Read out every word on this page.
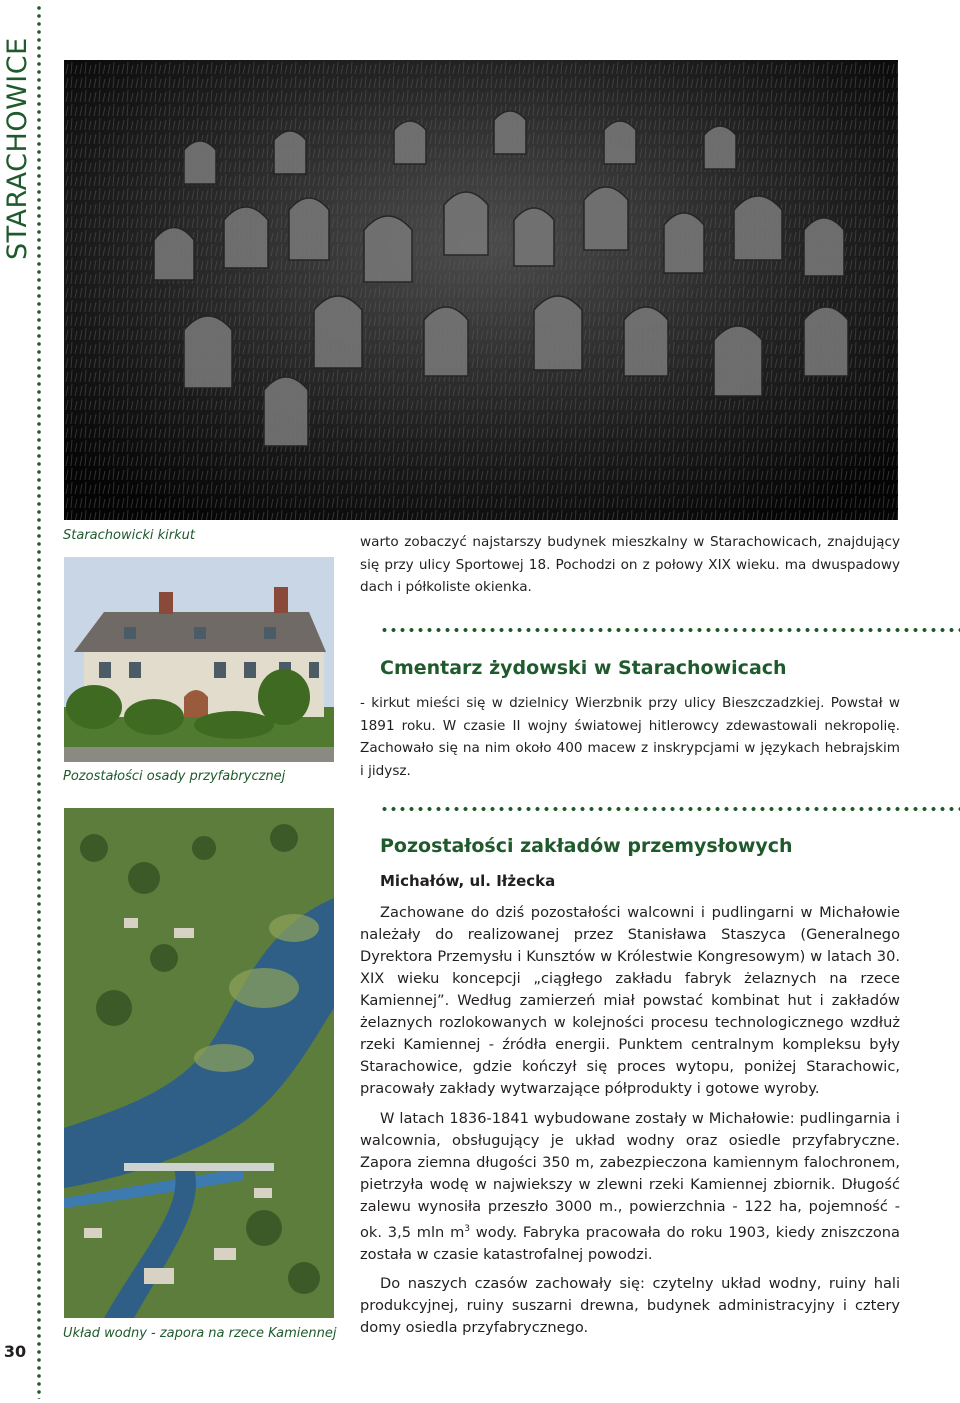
STARACHOWICE
30
Starachowicki kirkut
Pozostałości osady przyfabrycznej
Układ wodny - zapora na rzece Kamiennej

warto zobaczyć najstarszy budynek mieszkalny w Starachowicach, znajdujący się przy ulicy Sportowej 18. Pochodzi on z połowy XIX wieku. ma dwuspadowy dach i półkoliste okienka.

Cmentarz żydowski w Starachowicach

- kirkut mieści się w dzielnicy Wierzbnik przy ulicy Bieszczadzkiej. Powstał w 1891 roku. W czasie II wojny światowej hitlerowcy zdewastowali nekropolię. Zachowało się na nim około 400 macew z inskrypcjami w językach hebrajskim i jidysz.

Pozostałości zakładów przemysłowych
Michałów, ul. Iłżecka

Zachowane do dziś pozostałości walcowni i pudlingarni w Michałowie należały do realizowanej przez Stanisława Staszyca (Generalnego Dyrektora Przemysłu i Kunsztów w Królestwie Kongresowym) w latach 30. XIX wieku koncepcji „ciągłego zakładu fabryk żelaznych na rzece Kamiennej”. Według zamierzeń miał powstać kombinat hut i zakładów żelaznych rozlokowanych w kolejności procesu technologicznego wzdłuż rzeki Kamiennej - źródła energii. Punktem centralnym kompleksu były Starachowice, gdzie kończył się proces wytopu, poniżej Starachowic, pracowały zakłady wytwarzające półprodukty i gotowe wyroby.

W latach 1836-1841 wybudowane zostały w Michałowie: pudlingarnia i walcownia, obsługujący je układ wodny oraz osiedle przyfabryczne. Zapora ziemna długości 350 m, zabezpieczona kamiennym falochronem, pietrzyła wodę w najwiekszy w zlewni rzeki Kamiennej zbiornik. Długość zalewu wynosiła przeszło 3000 m., powierzchnia - 122 ha, pojemność - ok. 3,5 mln $m^3$ wody. Fabryka pracowała do roku 1903, kiedy zniszczona została w czasie katastrofalnej powodzi.

Do naszych czasów zachowały się: czytelny układ wodny, ruiny hali produkcyjnej, ruiny suszarni drewna, budynek administracyjny i cztery domy osiedla przyfabrycznego.
